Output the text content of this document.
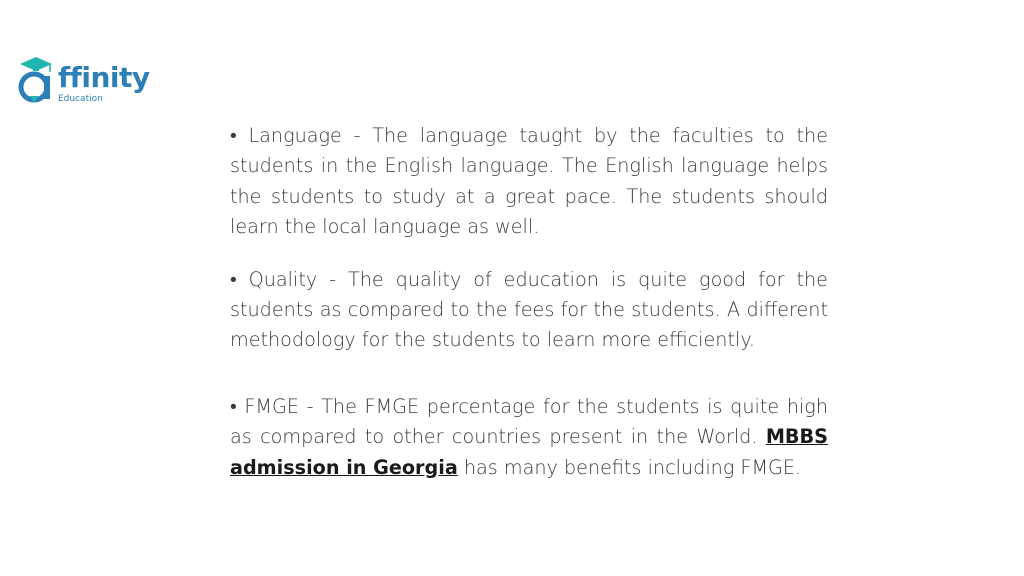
ffinity
Education

• Language - The language taught by the faculties to the students in the English language. The English language helps the students to study at a great pace. The students should learn the local language as well.

• Quality - The quality of education is quite good for the students as compared to the fees for the students. A different methodology for the students to learn more efficiently.

• FMGE - The FMGE percentage for the students is quite high as compared to other countries present in the World. MBBS admission in Georgia has many benefits including FMGE.
